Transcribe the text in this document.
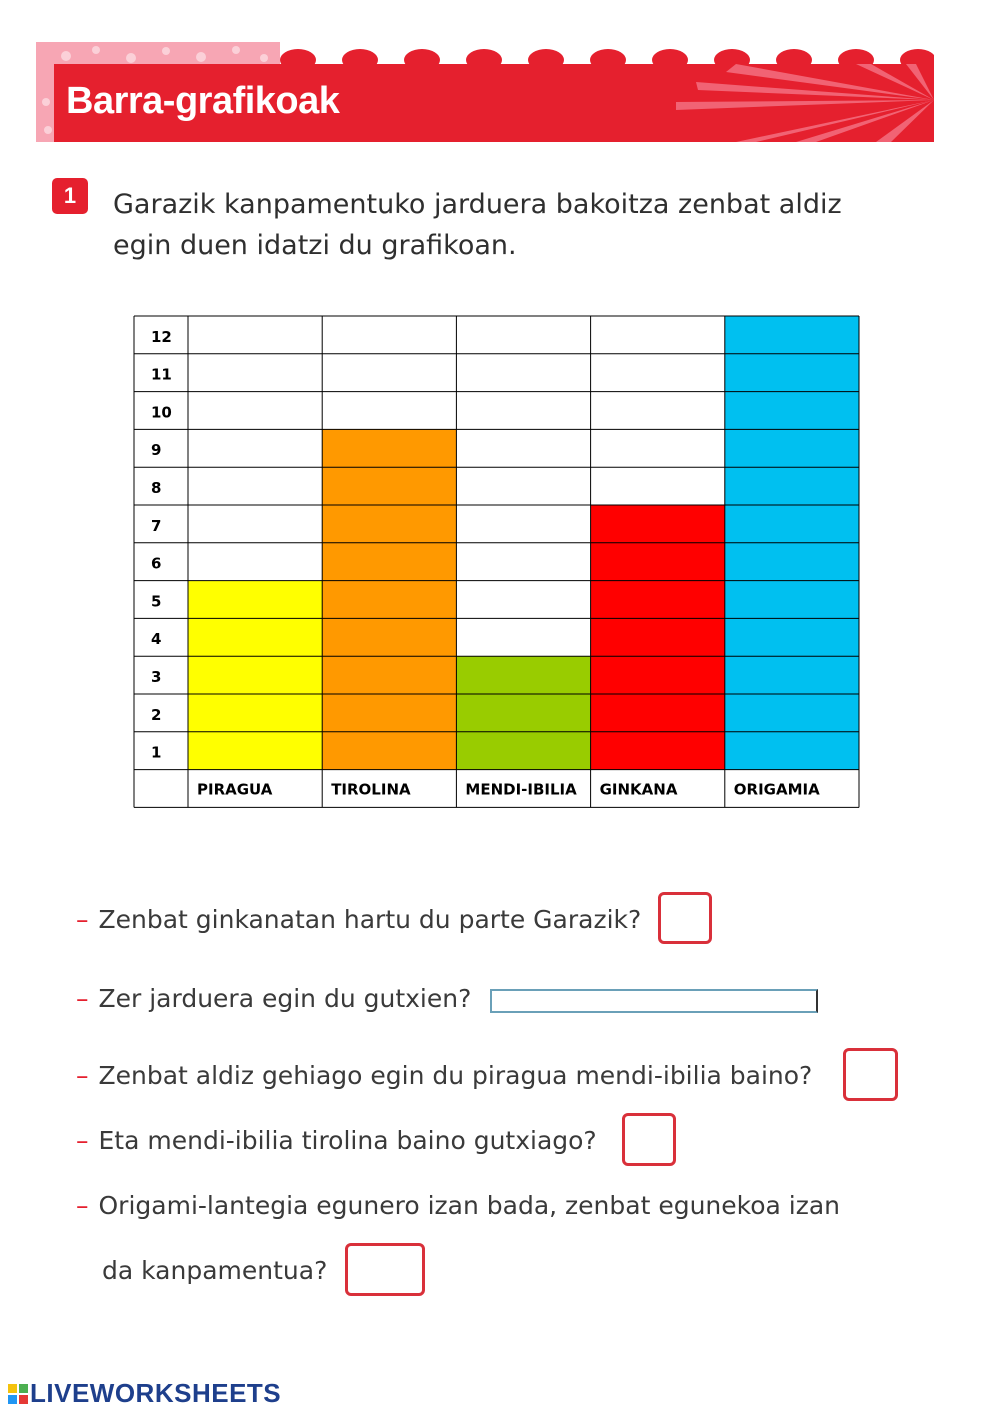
Barra-grafikoak
1	Garazik kanpamentuko jarduera bakoitza zenbat aldiz
egin duen idatzi du grafikoan.
1
2
3
4
5
6
7
8
9
10
11
12
PIRAGUA	TIROLINA	MENDI-IBILIA GINKANA	ORIGAMIA
– Zenbat ginkanatan hartu du parte Garazik?
– Zer jarduera egin du gutxien?
– Zenbat aldiz gehiago egin du piragua mendi-ibilia baino?
– Eta mendi-ibilia tirolina baino gutxiago?
– Origami-lantegia egunero izan bada, zenbat egunekoa izan
da kanpamentua?
LIVEWORKSHEETS
